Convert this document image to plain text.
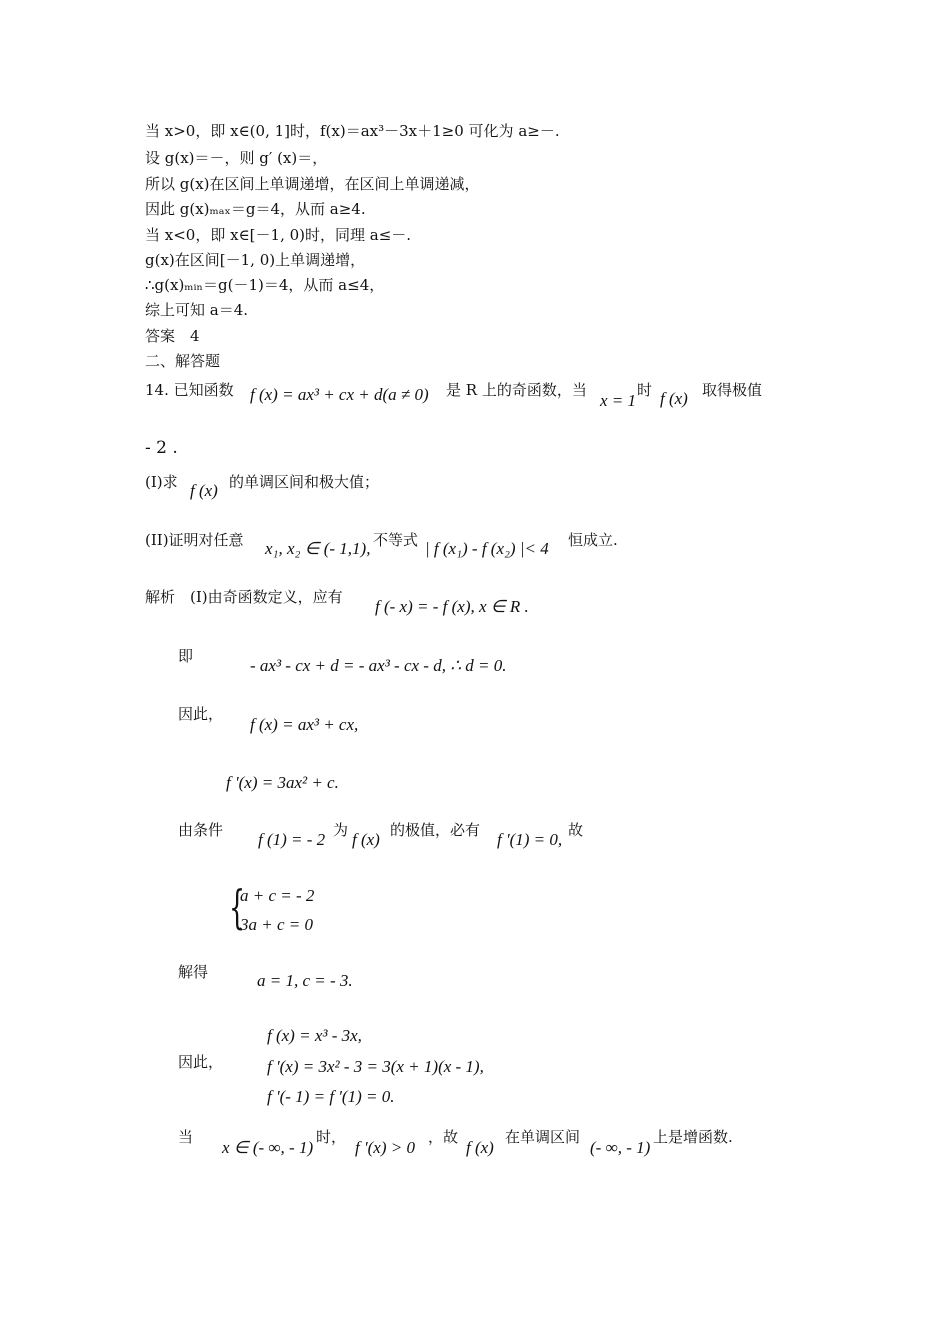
当 x>0，即 x∈(0, 1]时，f(x)＝ax³－3x＋1≥0 可化为 a≥－.
设 g(x)＝－，则 g′ (x)＝，
所以 g(x)在区间上单调递增，在区间上单调递减，
因此 g(x)ₘₐₓ＝g＝4，从而 a≥4.
当 x<0，即 x∈[－1, 0)时，同理 a≤－.
g(x)在区间[－1, 0)上单调递增，
∴g(x)ₘᵢₙ＝g(－1)＝4，从而 a≤4，
综上可知 a＝4.
答案　4
二、解答题
14. 已知函数 f (x) = ax³ + cx + d(a ≠ 0) 是 R 上的奇函数，当
x = 1
时 f (x) 取得极值
- 2 .
(I)求 f (x) 的单调区间和极大值；
(II)证明对任意 x₁, x₂ ∈ (- 1,1), 不等式 | f (x₁) - f (x₂) |< 4 恒成立.
解析　(I)由奇函数定义，应有 f (- x) = - f (x), x ∈ R .
即	- ax³ - cx + d = - ax³ - cx - d, ∴ d = 0.
因此，
f (x) = ax³ + cx,
f '(x) = 3ax² + c.
由条件 f (1) = - 2 为 f (x) 的极值，必有 f '(1) = 0, 故
{
a + c = - 2
3a + c = 0
解得	a = 1, c = - 3.
因此，
f (x) = x³ - 3x,
f '(x) = 3x² - 3 = 3(x + 1)(x - 1),
f '(- 1) = f '(1) = 0.
当
x ∈ (- ∞, - 1)
时，
f '(x) > 0
，故
f (x)
在单调区间
(- ∞, - 1)
上是增函数.
